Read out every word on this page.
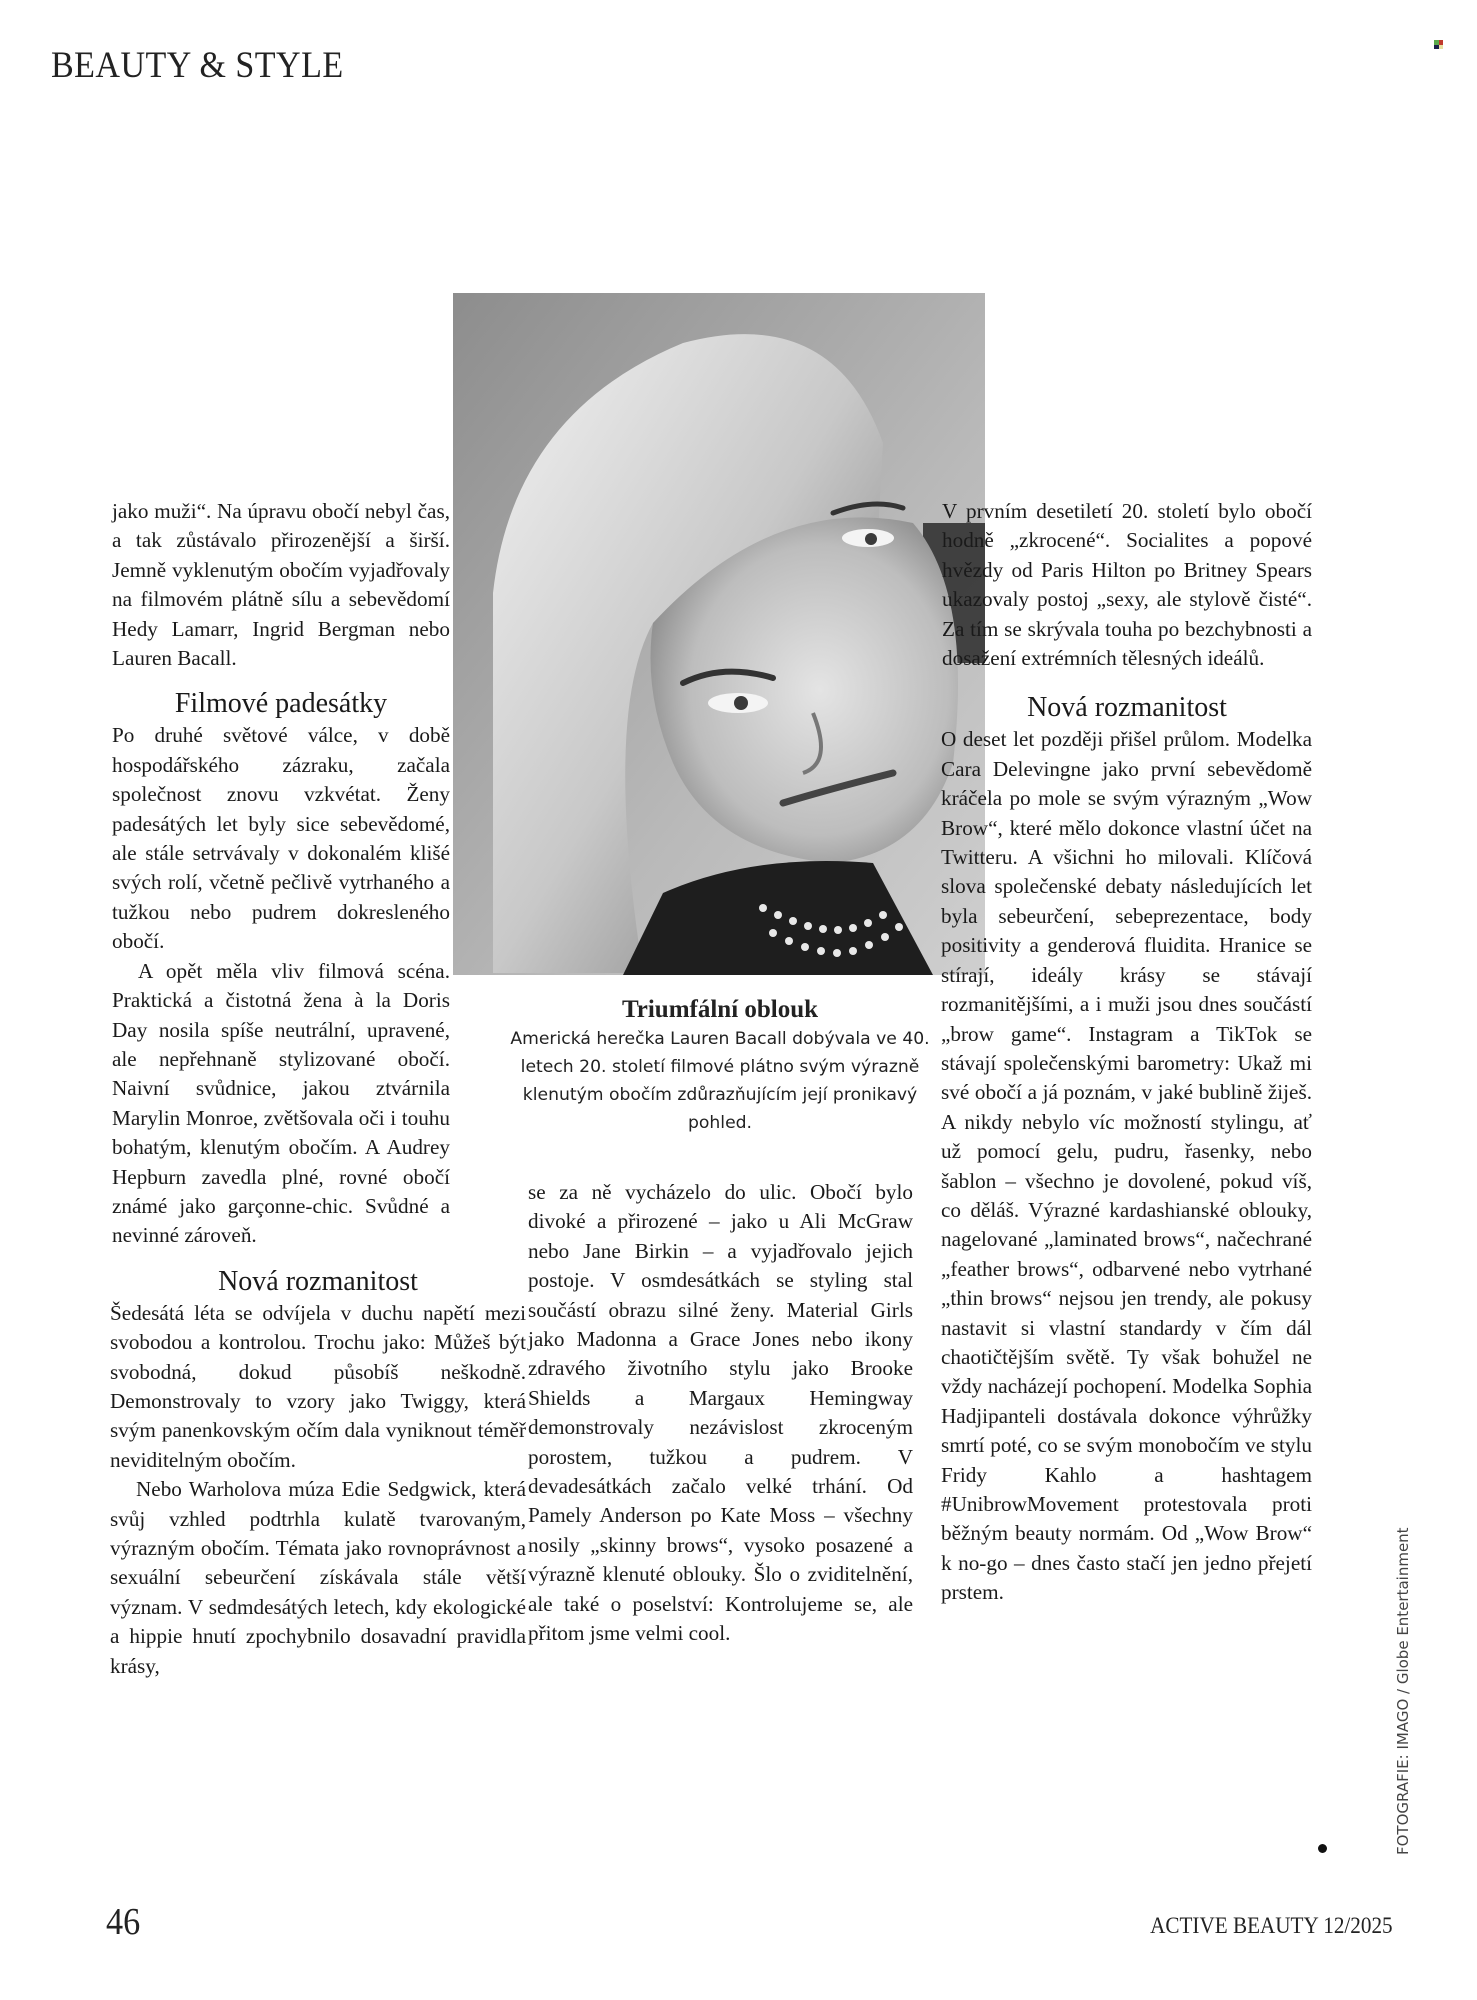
BEAUTY & STYLE
Triumfální oblouk
Americká herečka Lauren Bacall dobývala ve 40. letech 20. století filmové plátno svým výrazně klenutým obočím zdůrazňujícím její pronikavý pohled.

jako muži“. Na úpravu obočí nebyl čas, a tak zůstávalo přirozenější a širší. Jemně vyklenutým obočím vyjadřovaly na filmovém plátně sílu a sebevědomí Hedy Lamarr, Ingrid Bergman nebo Lauren Bacall.

Filmové padesátky

Po druhé světové válce, v době hospodářského zázraku, začala společnost znovu vzkvétat. Ženy padesátých let byly sice sebevědomé, ale stále setrvávaly v dokonalém klišé svých rolí, včetně pečlivě vytrhaného a tužkou nebo pudrem dokresleného obočí.

A opět měla vliv filmová scéna. Praktická a čistotná žena à la Doris Day nosila spíše neutrální, upravené, ale nepřehnaně stylizované obočí. Naivní svůdnice, jakou ztvárnila Marylin Monroe, zvětšovala oči i touhu bohatým, klenutým obočím. A Audrey Hepburn zavedla plné, rovné obočí známé jako garçonne-chic. Svůdné a nevinné zároveň.

Nová rozmanitost

Šedesátá léta se odvíjela v duchu napětí mezi svobodou a kontrolou. Trochu jako: Můžeš být svobodná, dokud působíš neškodně. Demonstrovaly to vzory jako Twiggy, která svým panenkovským očím dala vyniknout téměř neviditelným obočím.

Nebo Warholova múza Edie Sedgwick, která svůj vzhled podtrhla kulatě tvarovaným, výrazným obočím. Témata jako rovnoprávnost a sexuální sebeurčení získávala stále větší význam. V sedmdesátých letech, kdy ekologické a hippie hnutí zpochybnilo dosavadní pravidla krásy,

se za ně vycházelo do ulic. Obočí bylo divoké a přirozené – jako u Ali McGraw nebo Jane Birkin – a vyjadřovalo jejich postoje. V osmdesátkách se styling stal součástí obrazu silné ženy. Material Girls jako Madonna a Grace Jones nebo ikony zdravého životního stylu jako Brooke Shields a Margaux Hemingway demonstrovaly nezávislost zkroceným porostem, tužkou a pudrem. V devadesátkách začalo velké trhání. Od Pamely Anderson po Kate Moss – všechny nosily „skinny brows“, vysoko posazené a výrazně klenuté oblouky. Šlo o zviditelnění, ale také o poselství: Kontrolujeme se, ale přitom jsme velmi cool.

V prvním desetiletí 20. století bylo obočí hodně „zkrocené“. Socialites a popové hvězdy od Paris Hilton po Britney Spears ukazovaly postoj „sexy, ale stylově čisté“. Za tím se skrývala touha po bezchybnosti a dosažení extrémních tělesných ideálů.

Nová rozmanitost

O deset let později přišel průlom. Modelka Cara Delevingne jako první sebevědomě kráčela po mole se svým výrazným „Wow Brow“, které mělo dokonce vlastní účet na Twitteru. A všichni ho milovali. Klíčová slova společenské debaty následujících let byla sebeurčení, sebeprezentace, body positivity a genderová fluidita. Hranice se stírají, ideály krásy se stávají rozmanitějšími, a i muži jsou dnes součástí „brow game“. Instagram a TikTok se stávají společenskými barometry: Ukaž mi své obočí a já poznám, v jaké bublině žiješ. A nikdy nebylo víc možností stylingu, ať už pomocí gelu, pudru, řasenky, nebo šablon – všechno je dovolené, pokud víš, co děláš. Výrazné kardashianské oblouky, nagelované „laminated brows“, načechrané „feather brows“, odbarvené nebo vytrhané „thin brows“ nejsou jen trendy, ale pokusy nastavit si vlastní standardy v čím dál chaotičtějším světě. Ty však bohužel ne vždy nacházejí pochopení. Modelka Sophia Hadjipanteli dostávala dokonce výhrůžky smrtí poté, co se svým monobočím ve stylu Fridy Kahlo a hashtagem #UnibrowMovement protestovala proti běžným beauty normám. Od „Wow Brow“ k no-go – dnes často stačí jen jedno přejetí prstem.	FOTOGRAFIE: IMAGO / Globe Entertainment
46	ACTIVE BEAUTY 12/2025
